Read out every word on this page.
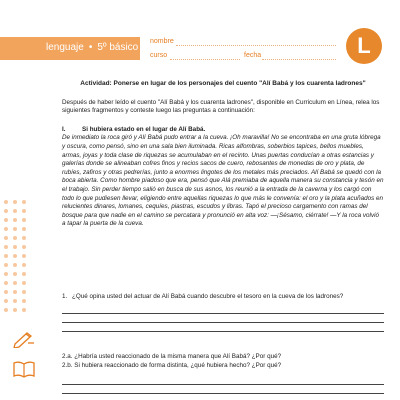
lenguaje • 5º básico
nombre
curso	fecha	L

Actividad: Ponerse en lugar de los personajes del cuento "Alí Babá y los cuarenta ladrones"

Después de haber leído el cuento "Alí Babá y los cuarenta ladrones", disponible en Curriculum en Línea, relea los siguientes fragmentos y conteste luego las preguntas a continuación:

I.	Si hubiera estado en el lugar de Alí Babá.

De inmediato la roca giró y Alí Babá pudo entrar a la cueva. ¡Oh maravilla! No se encontraba en una gruta lóbrega y oscura, como pensó, sino en una sala bien iluminada. Ricas alfombras, soberbios tapices, bellos muebles, armas, joyas y toda clase de riquezas se acumulaban en el recinto. Unas puertas conducían a otras estancias y galerías donde se alineaban cofres finos y recios sacos de cuero, rebosantes de monedas de oro y plata, de rubíes, zafiros y otras pedrerías, junto a enormes lingotes de los metales más preciados. Alí Babá se quedó con la boca abierta. Como hombre piadoso que era, pensó que Alá premiaba de aquella manera su constancia y tesón en el trabajo. Sin perder tiempo salió en busca de sus asnos, los reunió a la entrada de la caverna y los cargó con todo lo que pudiesen llevar, eligiendo entre aquellas riquezas lo que más le convenía: el oro y la plata acuñados en relucientes dinares, lomanes, cequíes, piastras, escudos y libras. Tapó el precioso cargamento con ramas del bosque para que nadie en el camino se percatara y pronunció en alta voz: —¡Sésamo, ciérrate! —Y la roca volvió a tapar la puerta de la cueva.

1. ¿Qué opina usted del actuar de Alí Babá cuando descubre el tesoro en la cueva de los ladrones?
2.a. ¿Habría usted reaccionado de la misma manera que Alí Babá? ¿Por qué?
2.b. Si hubiera reaccionado de forma distinta, ¿qué hubiera hecho? ¿Por qué?
